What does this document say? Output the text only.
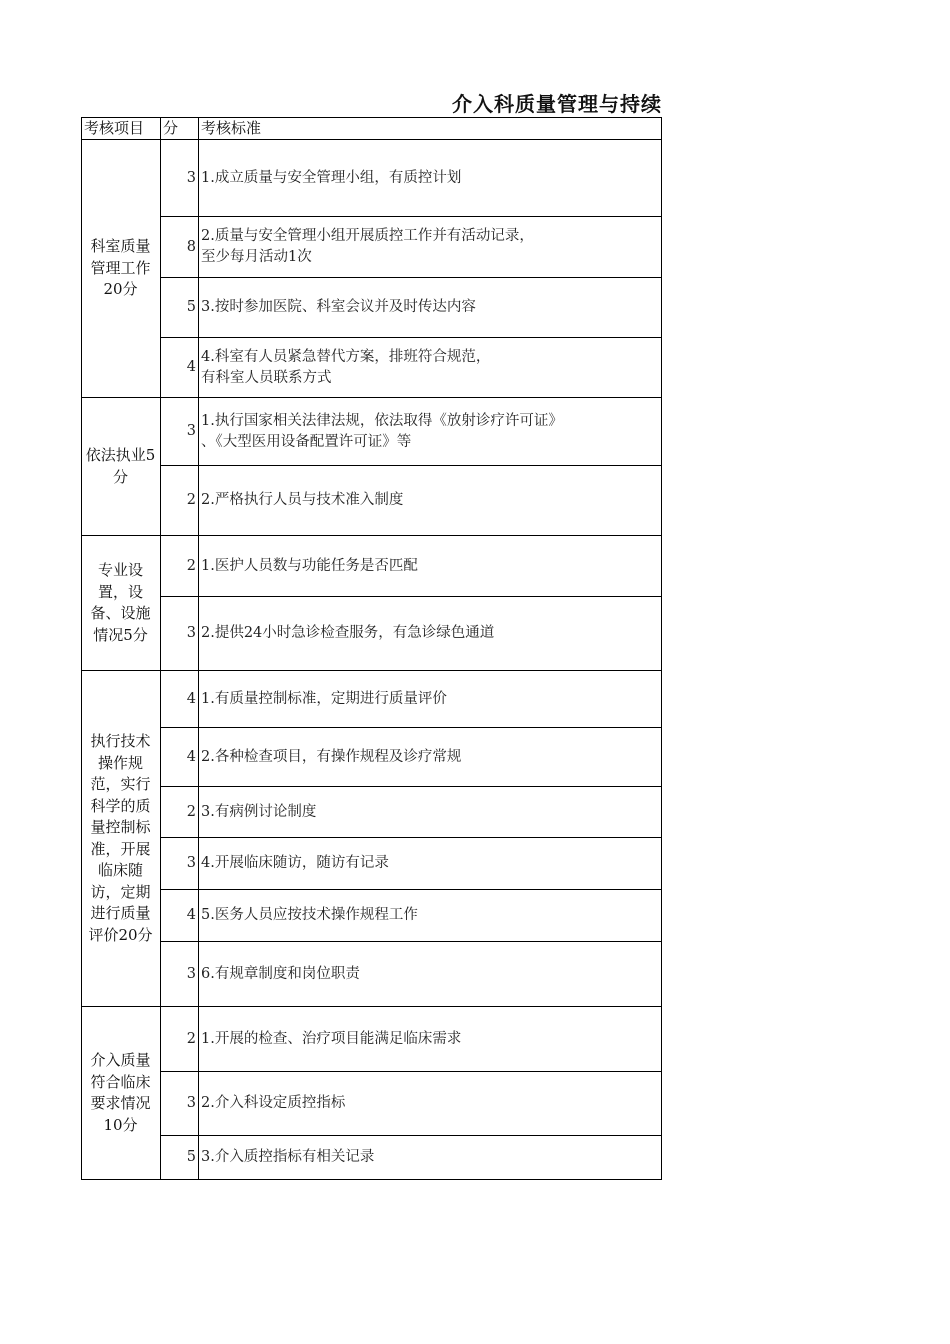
介入科质量管理与持续
考核项目	分	考核标准
科室质量管理工作20分
3 1.成立质量与安全管理小组，有质控计划
8
2.质量与安全管理小组开展质控工作并有活动记录，
至少每月活动1次
5 3.按时参加医院、科室会议并及时传达内容
4
4.科室有人员紧急替代方案，排班符合规范，
有科室人员联系方式
依法执业5分
3
1.执行国家相关法律法规，依法取得《放射诊疗许可证》
、《大型医用设备配置许可证》等
2 2.严格执行人员与技术准入制度
专业设置，设备、设施情况5分
2 1.医护人员数与功能任务是否匹配
3 2.提供24小时急诊检查服务，有急诊绿色通道
执行技术操作规范，实行科学的质量控制标准，开展临床随访，定期进行质量评价20分
4 1.有质量控制标准，定期进行质量评价
4 2.各种检查项目，有操作规程及诊疗常规
2 3.有病例讨论制度
3 4.开展临床随访，随访有记录
4 5.医务人员应按技术操作规程工作
3 6.有规章制度和岗位职责
介入质量符合临床要求情况10分
2 1.开展的检查、治疗项目能满足临床需求
3 2.介入科设定质控指标
5 3.介入质控指标有相关记录
